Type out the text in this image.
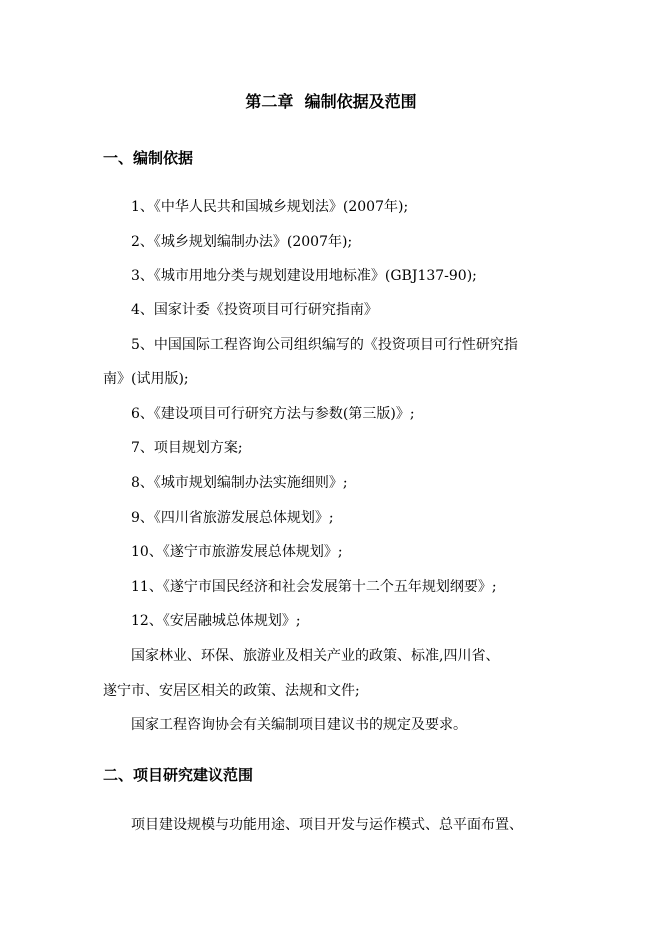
第二章  编制依据及范围
一、编制依据
1、《中华人民共和国城乡规划法》(2007年);
2、《城乡规划编制办法》(2007年);
3、《城市用地分类与规划建设用地标准》(GBJ137-90);
4、国家计委《投资项目可行研究指南》
5、中国国际工程咨询公司组织编写的《投资项目可行性研究指
南》(试用版);
6、《建设项目可行研究方法与参数(第三版)》;
7、项目规划方案;
8、《城市规划编制办法实施细则》;
9、《四川省旅游发展总体规划》;
10、《遂宁市旅游发展总体规划》;
11、《遂宁市国民经济和社会发展第十二个五年规划纲要》;
12、《安居融城总体规划》;
国家林业、环保、旅游业及相关产业的政策、标准,四川省、
遂宁市、安居区相关的政策、法规和文件;
国家工程咨询协会有关编制项目建议书的规定及要求。
二、项目研究建议范围
项目建设规模与功能用途、项目开发与运作模式、总平面布置、
